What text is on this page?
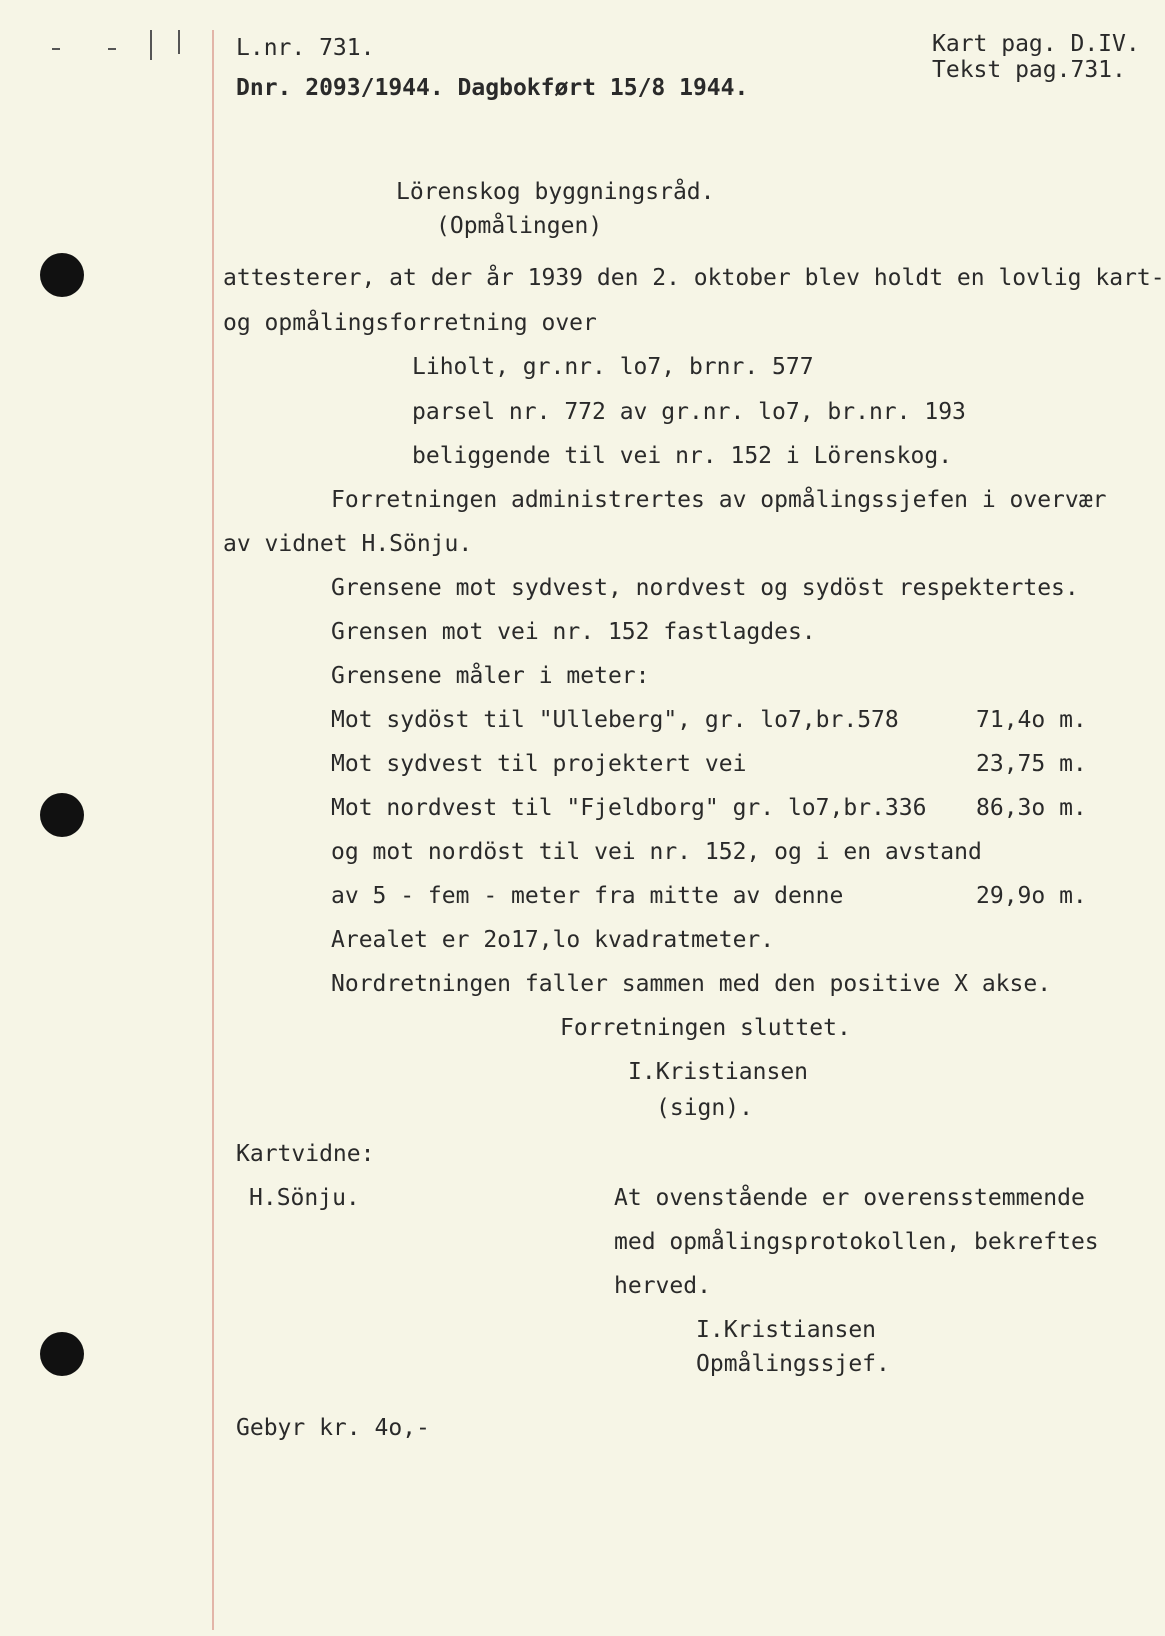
L.nr. 731.
Dnr. 2093/1944. Dagbokført 15/8 1944.
Kart pag. D.IV.
Tekst pag.731.
Lörenskog byggningsråd.
(Opmålingen)
attesterer, at der år 1939 den 2. oktober blev holdt en lovlig kart-
og opmålingsforretning over
Liholt, gr.nr. lo7, brnr. 577
parsel nr. 772 av gr.nr. lo7, br.nr. 193
beliggende til vei nr. 152 i Lörenskog.
Forretningen administrertes av opmålingssjefen i overvær
av vidnet H.Sönju.
Grensene mot sydvest, nordvest og sydöst respektertes.
Grensen mot vei nr. 152 fastlagdes.
Grensene måler i meter:
Mot sydöst til "Ulleberg", gr. lo7,br.578	71,4o m.
Mot sydvest til projektert vei	23,75 m.
Mot nordvest til "Fjeldborg" gr. lo7,br.336 86,3o m.
og mot nordöst til vei nr. 152, og i en avstand
av 5 - fem - meter fra mitte av denne	29,9o m.
Arealet er 2o17,lo kvadratmeter.
Nordretningen faller sammen med den positive X akse.
Forretningen sluttet.
I.Kristiansen
(sign).
Kartvidne:
H.Sönju.	At ovenstående er overensstemmende
med opmålingsprotokollen, bekreftes
herved.
I.Kristiansen
Opmålingssjef.
Gebyr kr. 4o,-
